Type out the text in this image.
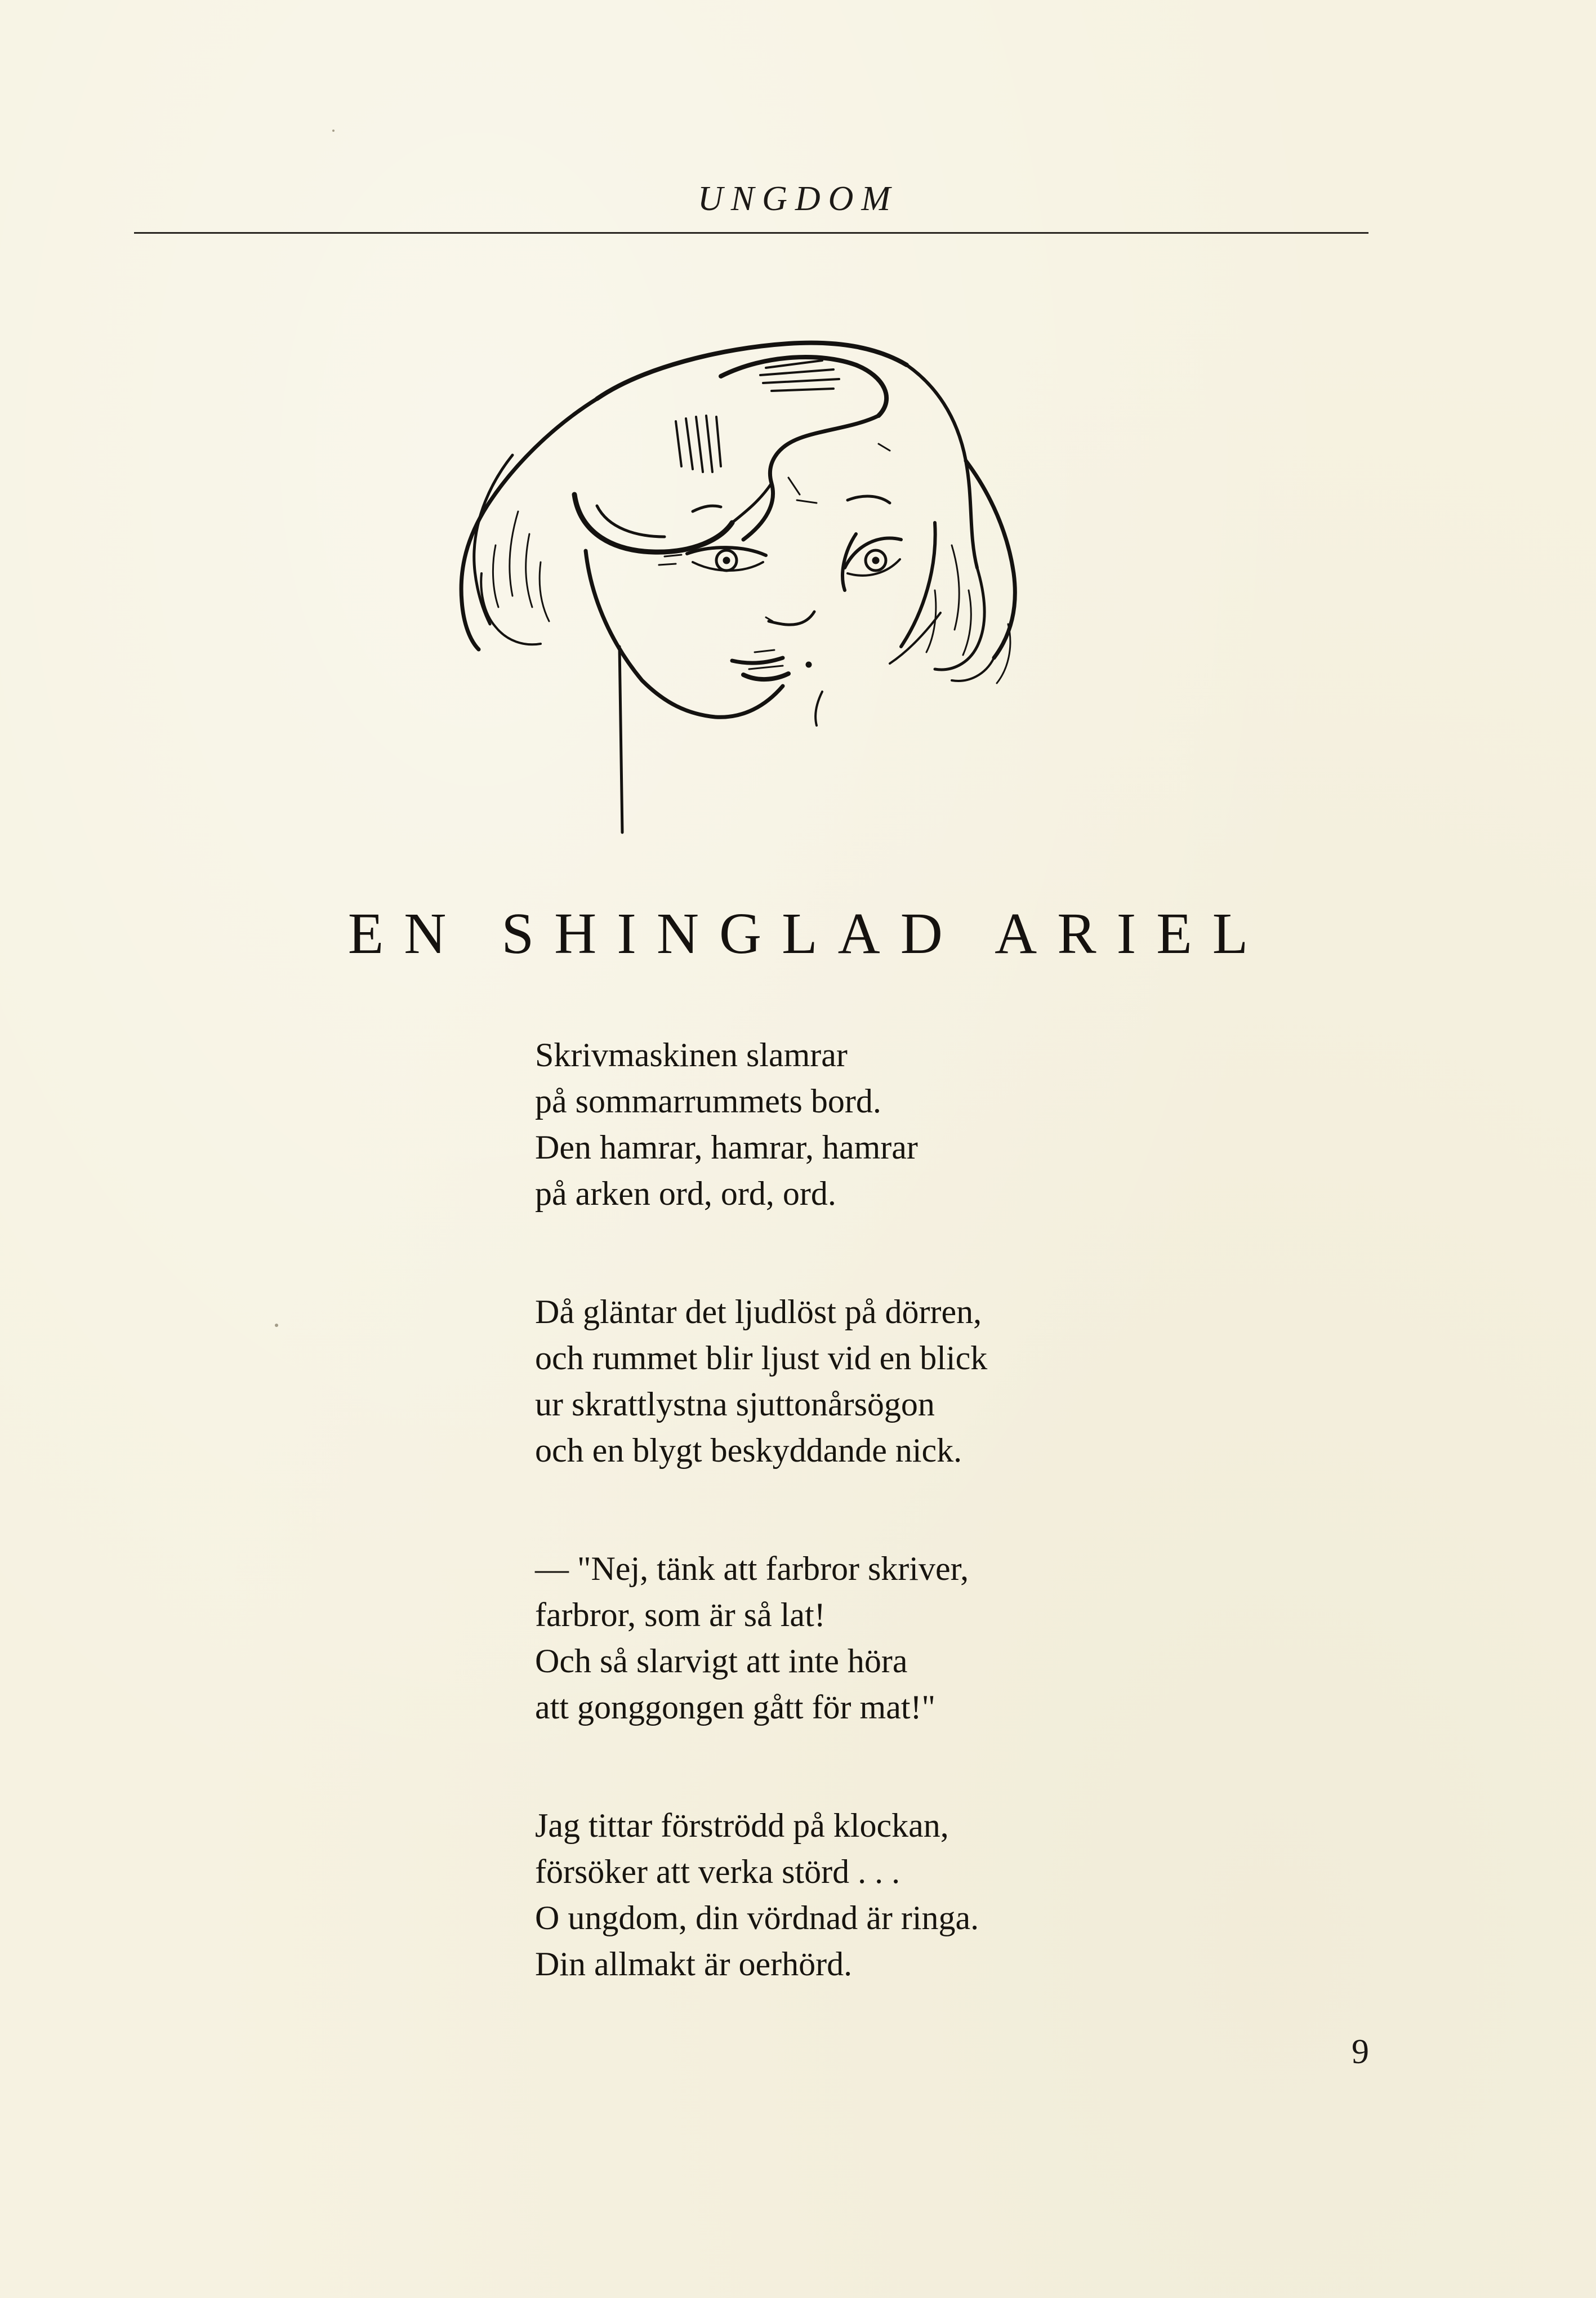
UNGDOM
EN SHINGLAD ARIEL
Skrivmaskinen slamrar
på sommarrummets bord.
Den hamrar, hamrar, hamrar
på arken ord, ord, ord.
Då gläntar det ljudlöst på dörren,
och rummet blir ljust vid en blick
ur skrattlystna sjuttonårsögon
och en blygt beskyddande nick.
— "Nej, tänk att farbror skriver,
farbror, som är så lat!
Och så slarvigt att inte höra
att gonggongen gått för mat!"
Jag tittar förströdd på klockan,
försöker att verka störd . . .
O ungdom, din vördnad är ringa.
Din allmakt är oerhörd.
9
